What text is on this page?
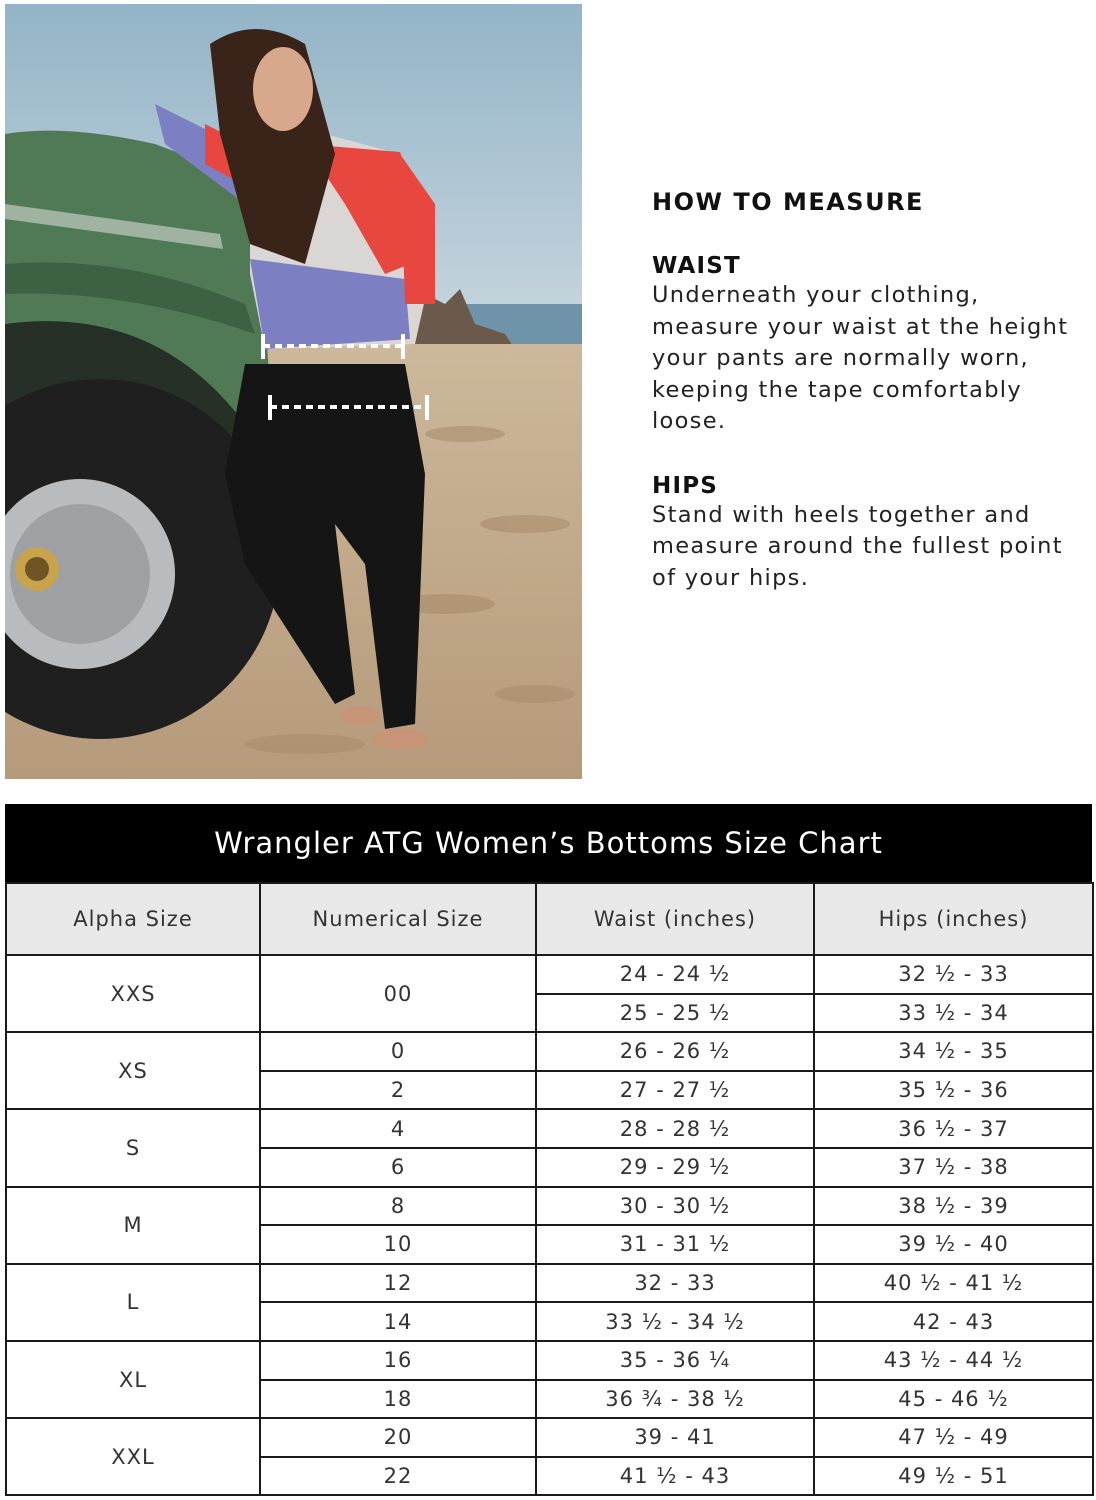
HOW TO MEASURE
WAIST

Underneath your clothing, measure your waist at the height your pants are normally worn, keeping the tape comfortably loose.

HIPS

Stand with heels together and measure around the fullest point of your hips.

Wrangler ATG Women’s Bottoms Size Chart
Alpha Size	Numerical Size	Waist (inches)	Hips (inches)
XXS	00	24 - 24 ½	32 ½ - 33
		25 - 25 ½	33 ½ - 34
XS	0	26 - 26 ½	34 ½ - 35
	2	27 - 27 ½	35 ½ - 36
S	4	28 - 28 ½	36 ½ - 37
	6	29 - 29 ½	37 ½ - 38
M	8	30 - 30 ½	38 ½ - 39
	10	31 - 31 ½	39 ½ - 40
L	12	32 - 33	40 ½ - 41 ½
	14	33 ½ - 34 ½	42 - 43
XL	16	35 - 36 ¼	43 ½ - 44 ½
	18	36 ¾ - 38 ½	45 - 46 ½
XXL	20	39 - 41	47 ½ - 49
	22	41 ½ - 43	49 ½ - 51
